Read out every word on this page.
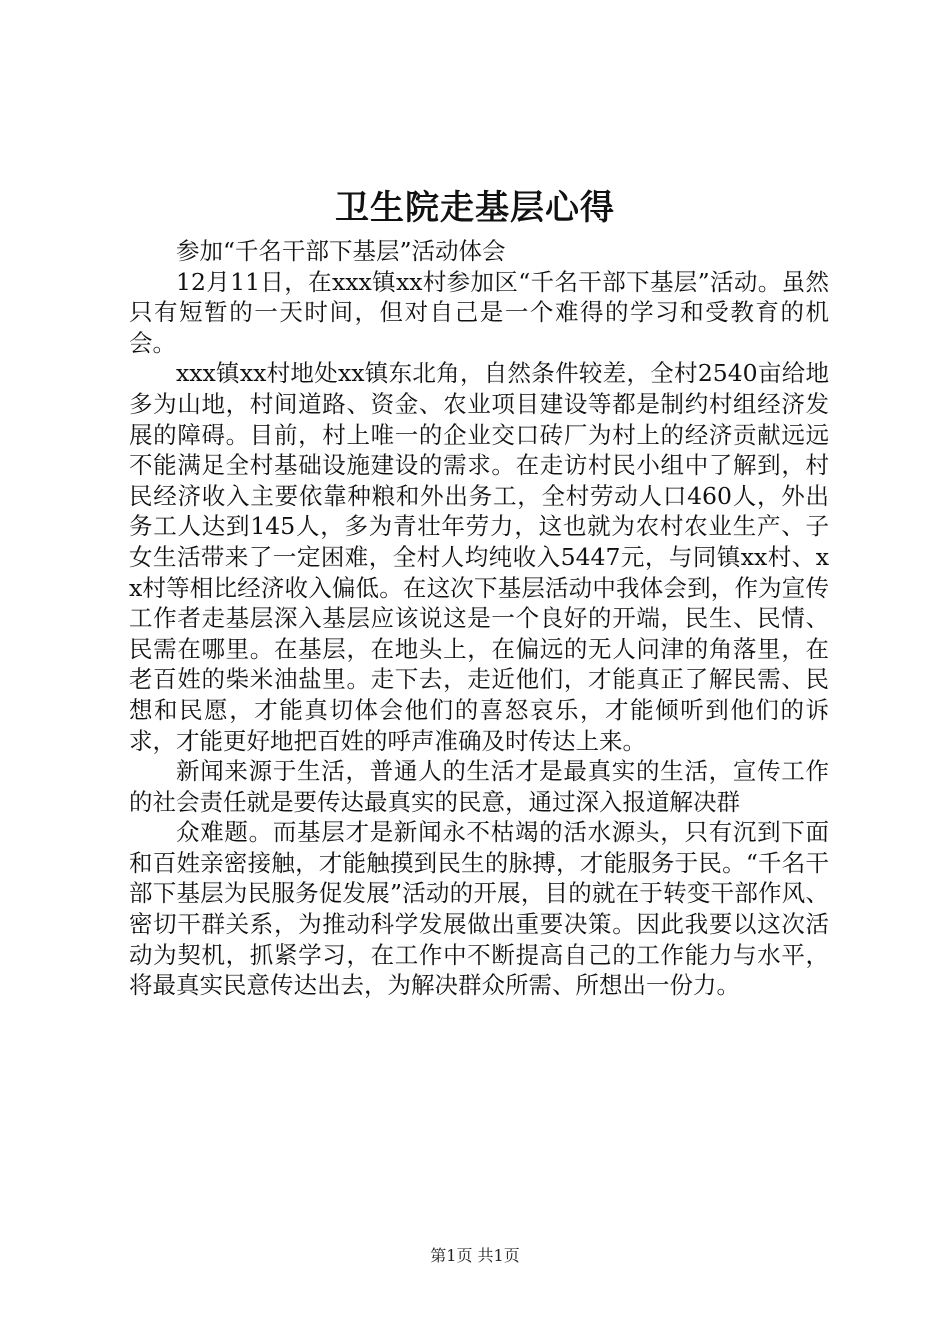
卫生院走基层心得

参加“千名干部下基层”活动体会

12月11日，在xxx镇xx村参加区“千名干部下基层”活动。虽然只有短暂的一天时间，但对自己是一个难得的学习和受教育的机会。

xxx镇xx村地处xx镇东北角，自然条件较差，全村2540亩给地多为山地，村间道路、资金、农业项目建设等都是制约村组经济发展的障碍。目前，村上唯一的企业交口砖厂为村上的经济贡献远远不能满足全村基础设施建设的需求。在走访村民小组中了解到，村民经济收入主要依靠种粮和外出务工，全村劳动人口460人，外出务工人达到145人，多为青壮年劳力，这也就为农村农业生产、子女生活带来了一定困难，全村人均纯收入5447元，与同镇xx村、xx村等相比经济收入偏低。在这次下基层活动中我体会到，作为宣传工作者走基层深入基层应该说这是一个良好的开端，民生、民情、民需在哪里。在基层，在地头上，在偏远的无人问津的角落里，在老百姓的柴米油盐里。走下去，走近他们，才能真正了解民需、民想和民愿，才能真切体会他们的喜怒哀乐，才能倾听到他们的诉求，才能更好地把百姓的呼声准确及时传达上来。

新闻来源于生活，普通人的生活才是最真实的生活，宣传工作的社会责任就是要传达最真实的民意，通过深入报道解决群

众难题。而基层才是新闻永不枯竭的活水源头，只有沉到下面和百姓亲密接触，才能触摸到民生的脉搏，才能服务于民。“千名干部下基层为民服务促发展”活动的开展，目的就在于转变干部作风、密切干群关系，为推动科学发展做出重要决策。因此我要以这次活动为契机，抓紧学习，在工作中不断提高自己的工作能力与水平，将最真实民意传达出去，为解决群众所需、所想出一份力。

第1页 共1页
